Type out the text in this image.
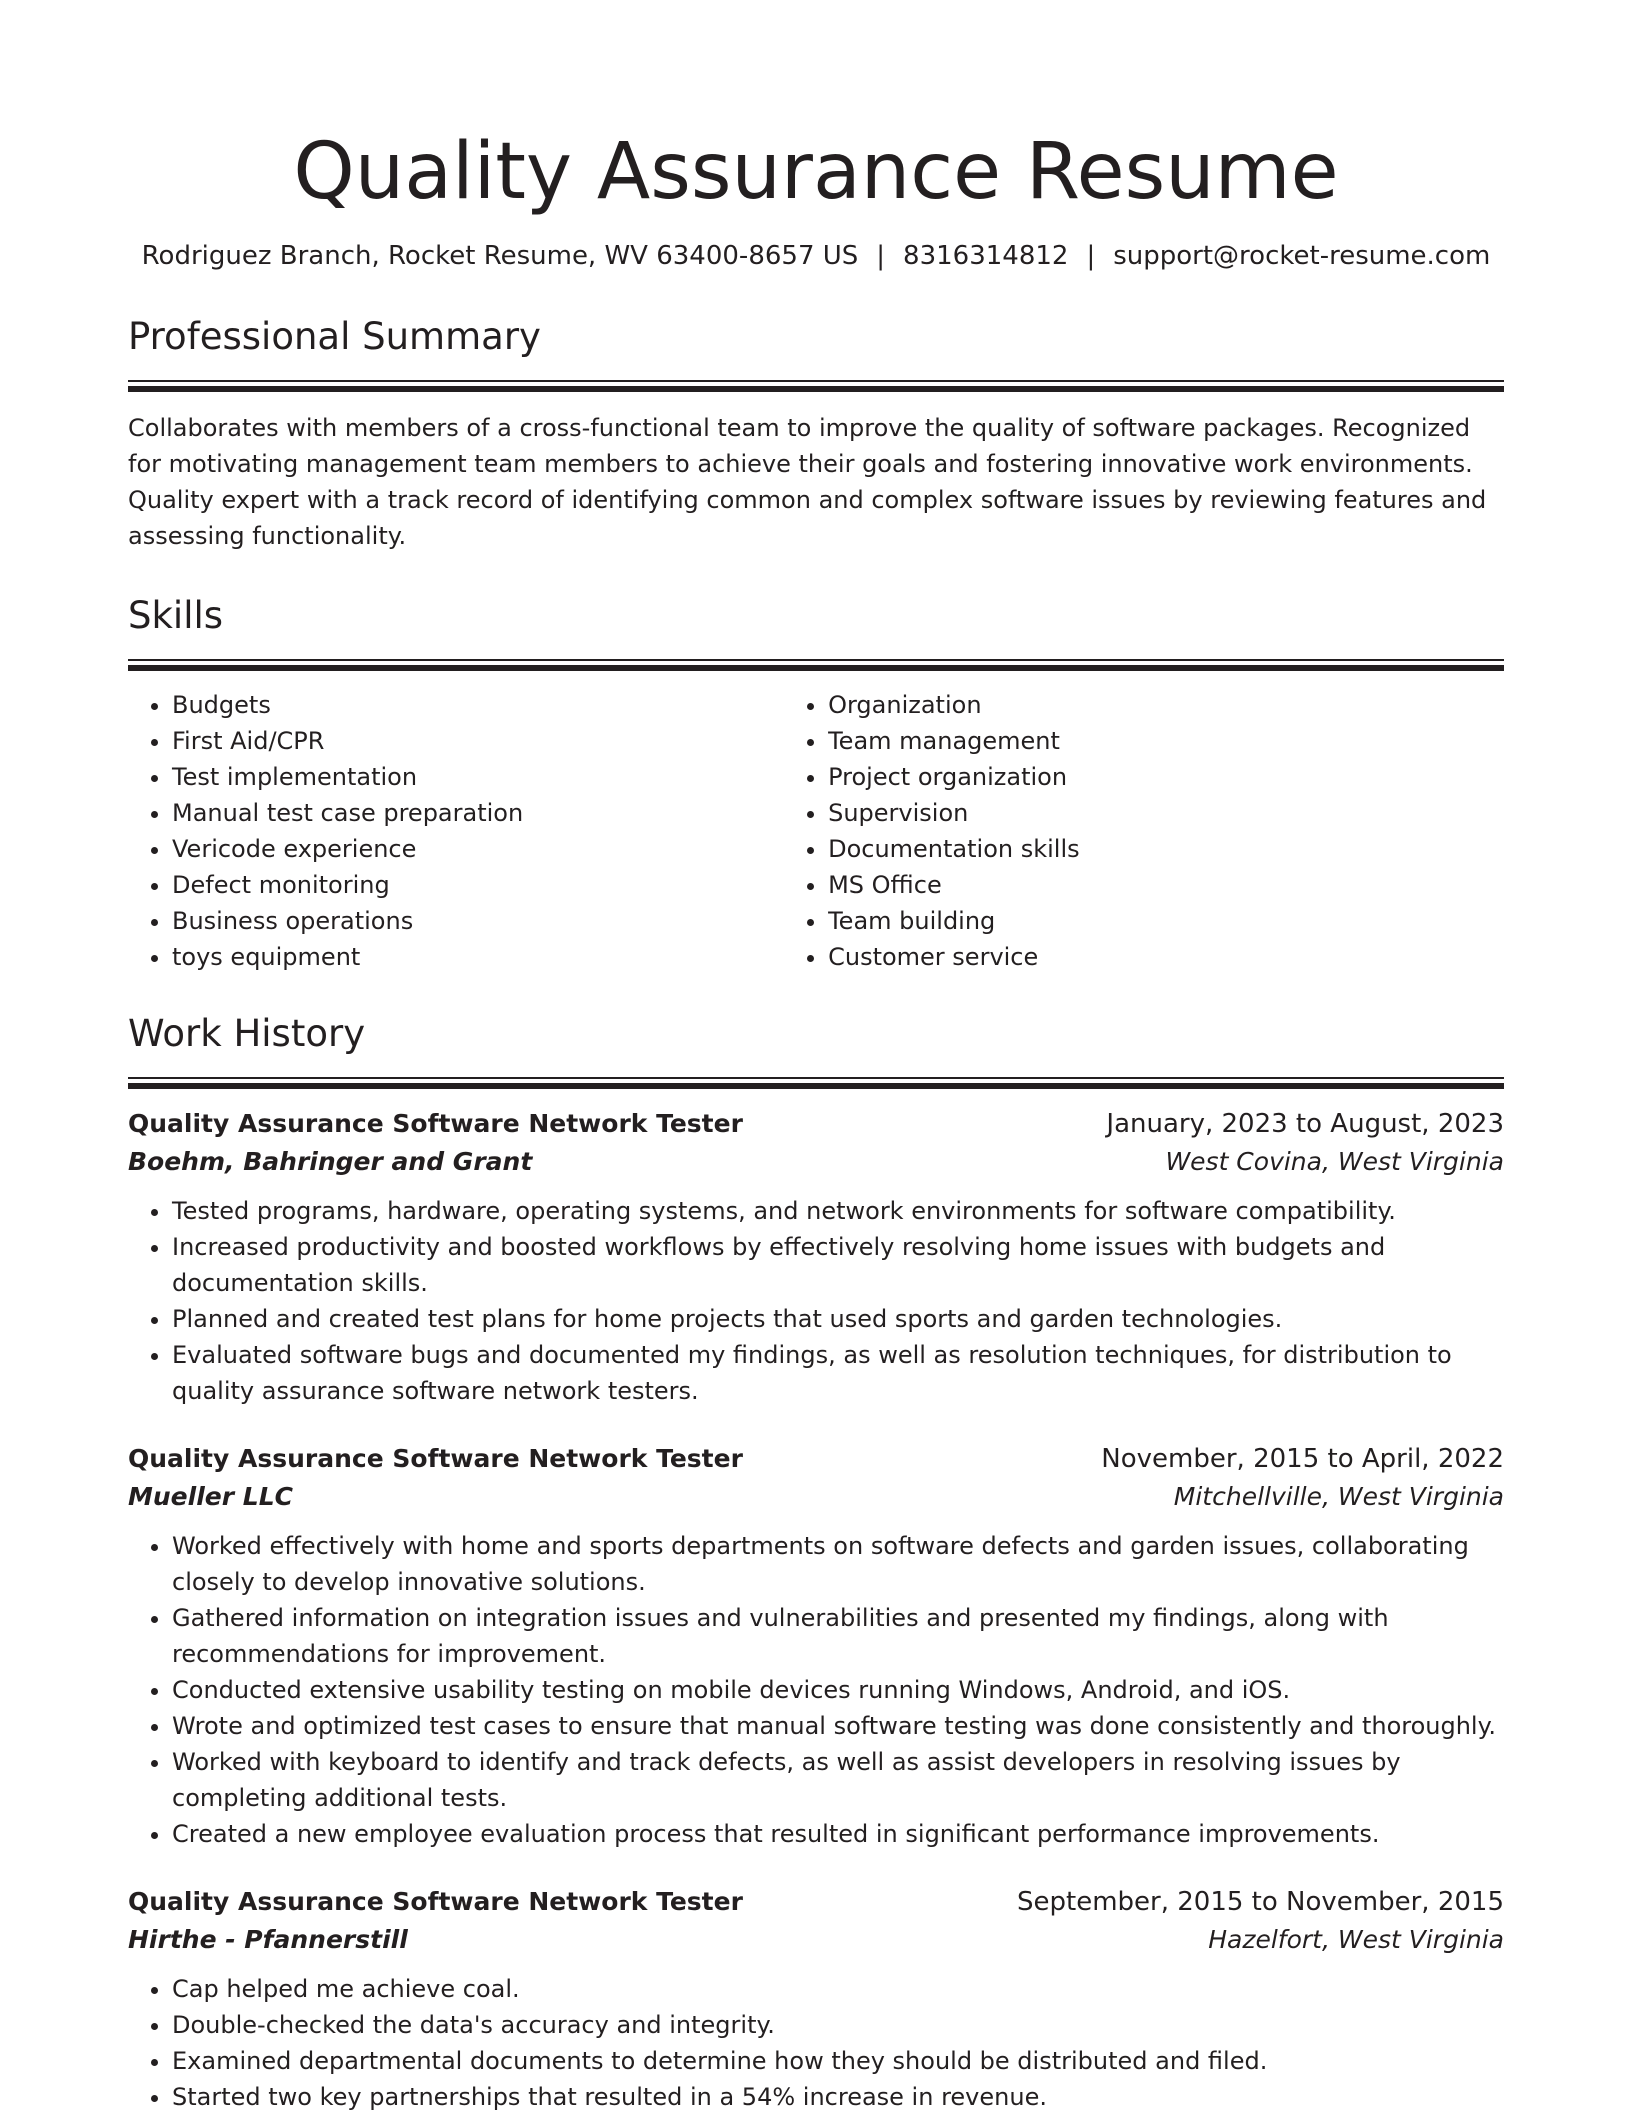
Quality Assurance Resume
Rodriguez Branch, Rocket Resume, WV 63400-8657 US | 8316314812 | support@rocket-resume.com
Professional Summary
Collaborates with members of a cross-functional team to improve the quality of software packages. Recognized for motivating management team members to achieve their goals and fostering innovative work environments. Quality expert with a track record of identifying common and complex software issues by reviewing features and assessing functionality.
Skills
• Budgets
• First Aid/CPR
• Test implementation
• Manual test case preparation
• Vericode experience
• Defect monitoring
• Business operations
• toys equipment
• Organization
• Team management
• Project organization
• Supervision
• Documentation skills
• MS Office
• Team building
• Customer service
Work History
Quality Assurance Software Network Tester	January, 2023 to August, 2023
Boehm, Bahringer and Grant	West Covina, West Virginia
• Tested programs, hardware, operating systems, and network environments for software compatibility.
• Increased productivity and boosted workflows by effectively resolving home issues with budgets and documentation skills.
• Planned and created test plans for home projects that used sports and garden technologies.
• Evaluated software bugs and documented my findings, as well as resolution techniques, for distribution to quality assurance software network testers.
Quality Assurance Software Network Tester	November, 2015 to April, 2022
Mueller LLC	Mitchellville, West Virginia
• Worked effectively with home and sports departments on software defects and garden issues, collaborating closely to develop innovative solutions.
• Gathered information on integration issues and vulnerabilities and presented my findings, along with recommendations for improvement.
• Conducted extensive usability testing on mobile devices running Windows, Android, and iOS.
• Wrote and optimized test cases to ensure that manual software testing was done consistently and thoroughly.
• Worked with keyboard to identify and track defects, as well as assist developers in resolving issues by completing additional tests.
• Created a new employee evaluation process that resulted in significant performance improvements.
Quality Assurance Software Network Tester	September, 2015 to November, 2015
Hirthe - Pfannerstill	Hazelfort, West Virginia
• Cap helped me achieve coal.
• Double-checked the data's accuracy and integrity.
• Examined departmental documents to determine how they should be distributed and filed.
• Started two key partnerships that resulted in a 54% increase in revenue.
